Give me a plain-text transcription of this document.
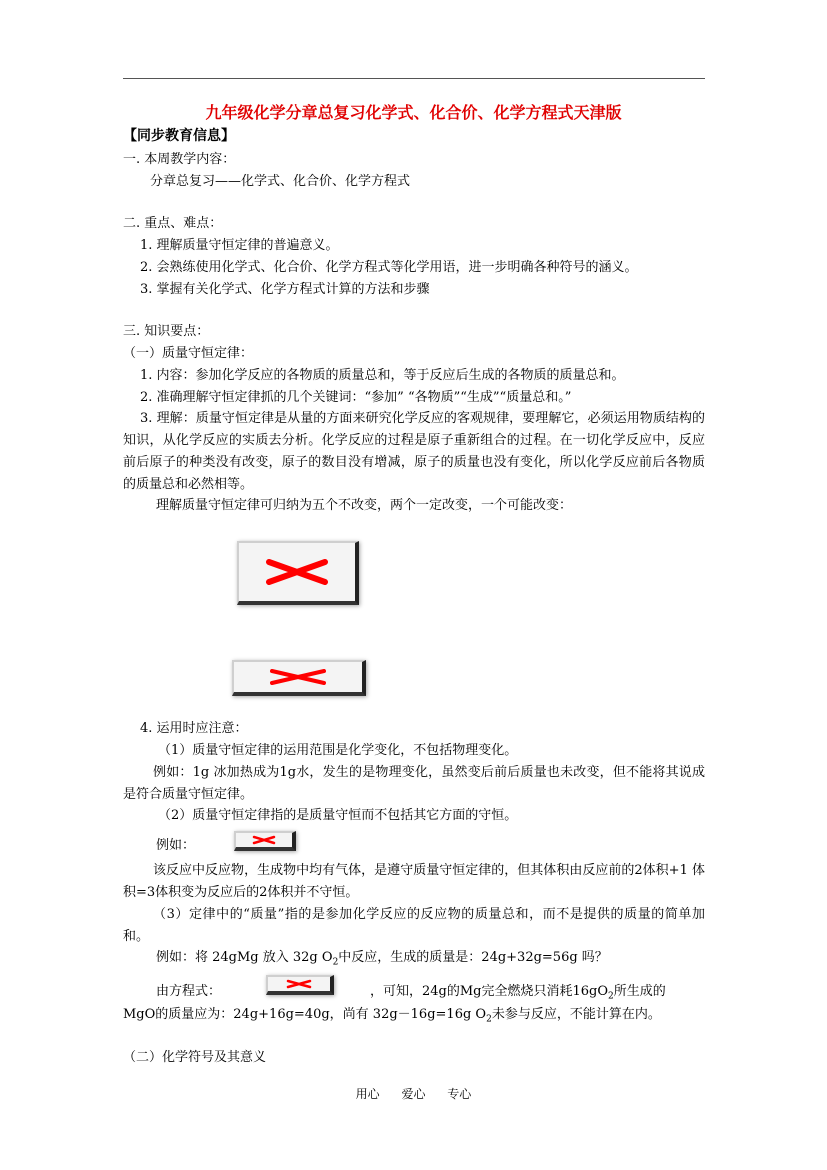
九年级化学分章总复习化学式、化合价、化学方程式天津版
【同步教育信息】
一. 本周教学内容：
分章总复习——化学式、化合价、化学方程式
二. 重点、难点：
1. 理解质量守恒定律的普遍意义。
2. 会熟练使用化学式、化合价、化学方程式等化学用语，进一步明确各种符号的涵义。
3. 掌握有关化学式、化学方程式计算的方法和步骤
三. 知识要点：
（一）质量守恒定律：
1. 内容：参加化学反应的各物质的质量总和，等于反应后生成的各物质的质量总和。
2. 准确理解守恒定律抓的几个关键词：“参加” “各物质”“生成”“质量总和。”
3. 理解：质量守恒定律是从量的方面来研究化学反应的客观规律，要理解它，必须运用物质结构的知识，从化学反应的实质去分析。化学反应的过程是原子重新组合的过程。在一切化学反应中，反应前后原子的种类没有改变，原子的数目没有增减，原子的质量也没有变化，所以化学反应前后各物质的质量总和必然相等。
理解质量守恒定律可归纳为五个不改变，两个一定改变，一个可能改变：
4. 运用时应注意：
（1）质量守恒定律的运用范围是化学变化，不包括物理变化。
例如：1g 冰加热成为1g水，发生的是物理变化，虽然变后前后质量也未改变，但不能将其说成是符合质量守恒定律。
（2）质量守恒定律指的是质量守恒而不包括其它方面的守恒。
例如：
该反应中反应物，生成物中均有气体，是遵守质量守恒定律的，但其体积由反应前的2体积+1 体积=3体积变为反应后的2体积并不守恒。
（3）定律中的“质量”指的是参加化学反应的反应物的质量总和，而不是提供的质量的简单加和。
例如：将 24gMg 放入 32g $O_2$中反应，生成的质量是：24g+32g=56g 吗？
由方程式：	，可知，24g的Mg完全燃烧只消耗$16gO_2$所生成的
MgO的质量应为：24g+16g=40g，尚有 32g－16g=16g $O_2$未参与反应，不能计算在内。
（二）化学符号及其意义
用心 爱心 专心
